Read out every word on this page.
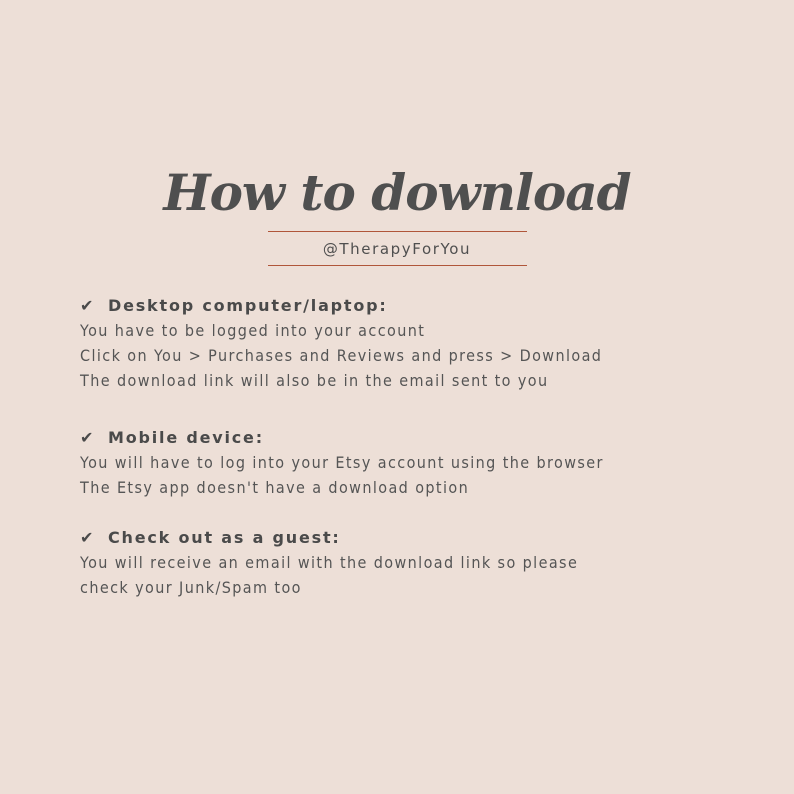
How to download
@TherapyForYou

✔ Desktop computer/laptop:

You have to be logged into your account

Click on You > Purchases and Reviews and press > Download

The download link will also be in the email sent to you

✔ Mobile device:

You will have to log into your Etsy account using the browser

The Etsy app doesn't have a download option

✔ Check out as a guest:

You will receive an email with the download link so please

check your Junk/Spam too
